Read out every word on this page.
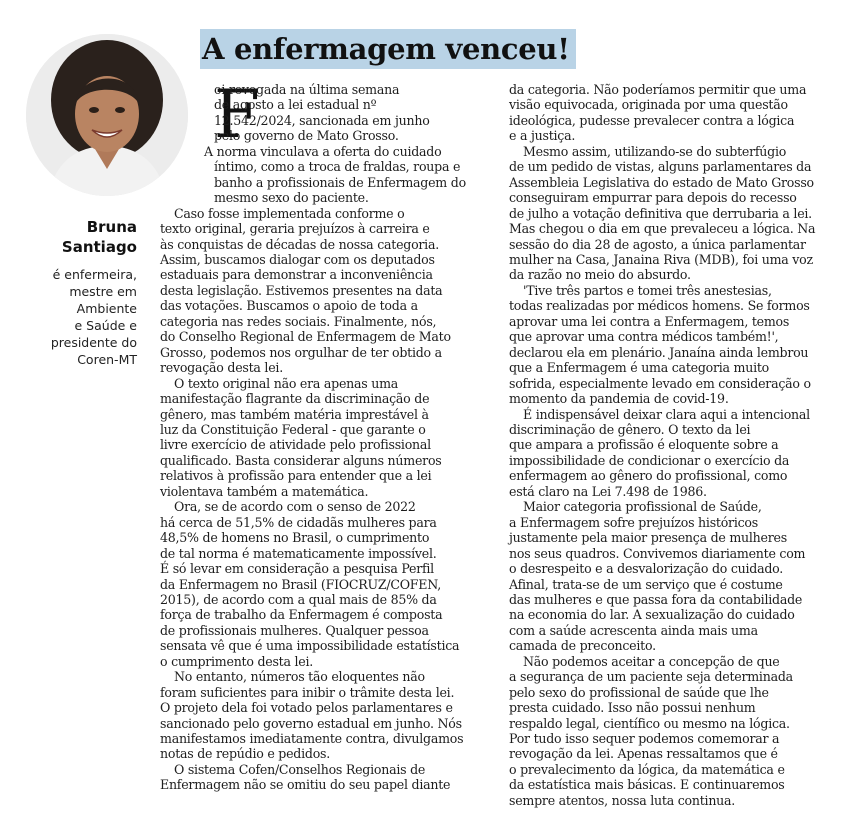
Bruna
Santiago
é enfermeira,
mestre em
Ambiente
e Saúde e
presidente do
Coren-MT
A enfermagem venceu!
F
oi revogada na última semana
de agosto a lei estadual nº
12.542/2024, sancionada em junho
pelo governo de Mato Grosso.
A norma vinculava a oferta do cuidado
íntimo, como a troca de fraldas, roupa e
banho a profissionais de Enfermagem do
mesmo sexo do paciente.
Caso fosse implementada conforme o
texto original, geraria prejuízos à carreira e
às conquistas de décadas de nossa categoria.
Assim, buscamos dialogar com os deputados
estaduais para demonstrar a inconveniência
desta legislação. Estivemos presentes na data
das votações. Buscamos o apoio de toda a
categoria nas redes sociais. Finalmente, nós,
do Conselho Regional de Enfermagem de Mato
Grosso, podemos nos orgulhar de ter obtido a
revogação desta lei.
O texto original não era apenas uma
manifestação flagrante da discriminação de
gênero, mas também matéria imprestável à
luz da Constituição Federal - que garante o
livre exercício de atividade pelo profissional
qualificado. Basta considerar alguns números
relativos à profissão para entender que a lei
violentava também a matemática.
Ora, se de acordo com o senso de 2022
há cerca de 51,5% de cidadãs mulheres para
48,5% de homens no Brasil, o cumprimento
de tal norma é matematicamente impossível.
É só levar em consideração a pesquisa Perfil
da Enfermagem no Brasil (FIOCRUZ/COFEN,
2015), de acordo com a qual mais de 85% da
força de trabalho da Enfermagem é composta
de profissionais mulheres. Qualquer pessoa
sensata vê que é uma impossibilidade estatística
o cumprimento desta lei.
No entanto, números tão eloquentes não
foram suficientes para inibir o trâmite desta lei.
O projeto dela foi votado pelos parlamentares e
sancionado pelo governo estadual em junho. Nós
manifestamos imediatamente contra, divulgamos
notas de repúdio e pedidos.
O sistema Cofen/Conselhos Regionais de
Enfermagem não se omitiu do seu papel diante
da categoria. Não poderíamos permitir que uma
visão equivocada, originada por uma questão
ideológica, pudesse prevalecer contra a lógica
e a justiça.
Mesmo assim, utilizando-se do subterfúgio
de um pedido de vistas, alguns parlamentares da
Assembleia Legislativa do estado de Mato Grosso
conseguiram empurrar para depois do recesso
de julho a votação definitiva que derrubaria a lei.
Mas chegou o dia em que prevaleceu a lógica. Na
sessão do dia 28 de agosto, a única parlamentar
mulher na Casa, Janaina Riva (MDB), foi uma voz
da razão no meio do absurdo.
'Tive três partos e tomei três anestesias,
todas realizadas por médicos homens. Se formos
aprovar uma lei contra a Enfermagem, temos
que aprovar uma contra médicos também!',
declarou ela em plenário. Janaína ainda lembrou
que a Enfermagem é uma categoria muito
sofrida, especialmente levado em consideração o
momento da pandemia de covid-19.
É indispensável deixar clara aqui a intencional
discriminação de gênero. O texto da lei
que ampara a profissão é eloquente sobre a
impossibilidade de condicionar o exercício da
enfermagem ao gênero do profissional, como
está claro na Lei 7.498 de 1986.
Maior categoria profissional de Saúde,
a Enfermagem sofre prejuízos históricos
justamente pela maior presença de mulheres
nos seus quadros. Convivemos diariamente com
o desrespeito e a desvalorização do cuidado.
Afinal, trata-se de um serviço que é costume
das mulheres e que passa fora da contabilidade
na economia do lar. A sexualização do cuidado
com a saúde acrescenta ainda mais uma
camada de preconceito.
Não podemos aceitar a concepção de que
a segurança de um paciente seja determinada
pelo sexo do profissional de saúde que lhe
presta cuidado. Isso não possui nenhum
respaldo legal, científico ou mesmo na lógica.
Por tudo isso sequer podemos comemorar a
revogação da lei. Apenas ressaltamos que é
o prevalecimento da lógica, da matemática e
da estatística mais básicas. E continuaremos
sempre atentos, nossa luta continua.
